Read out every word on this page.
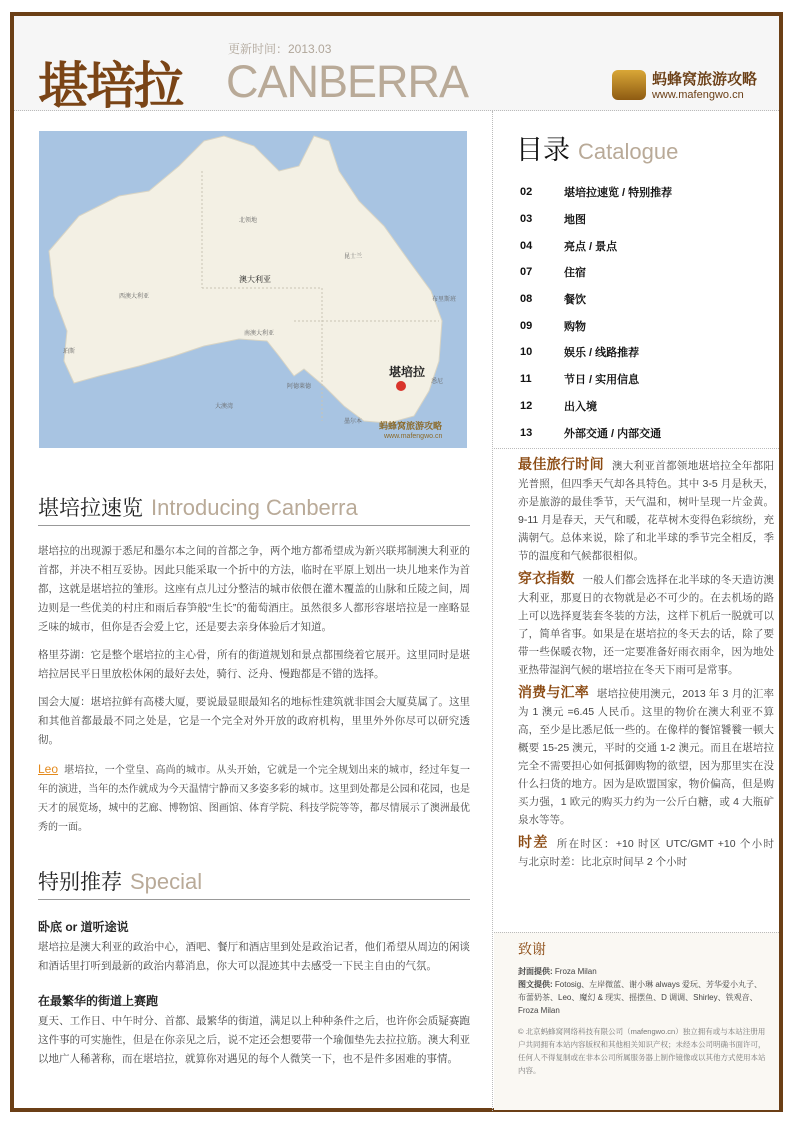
堪培拉
更新时间：2013.03
CANBERRA	蚂蜂窝旅游攻略
www.mafengwo.cn
澳大利亚
堪培拉
西澳大利亚
南澳大利亚
北领地
昆士兰
珀斯
阿德莱德
布里斯班
悉尼
墨尔本
大澳湾
蚂蜂窝旅游攻略
www.mafengwo.cn
堪培拉速览 Introducing Canberra

堪培拉的出现源于悉尼和墨尔本之间的首都之争，两个地方都希望成为新兴联邦制澳大利亚的首都，并决不相互妥协。因此只能采取一个折中的方法，临时在平原上划出一块儿地来作为首都，这就是堪培拉的雏形。这座有点儿过分整洁的城市依偎在灌木覆盖的山脉和丘陵之间，周边则是一些优美的村庄和雨后春笋般“生长”的葡萄酒庄。虽然很多人都形容堪培拉是一座略显乏味的城市，但你是否会爱上它，还是要去亲身体验后才知道。

格里芬湖：它是整个堪培拉的主心骨，所有的街道规划和景点都围绕着它展开。这里同时是堪培拉居民平日里放松休闲的最好去处，骑行、泛舟、慢跑都是不错的选择。

国会大厦：堪培拉鲜有高楼大厦，要说最显眼最知名的地标性建筑就非国会大厦莫属了。这里和其他首都最最不同之处是，它是一个完全对外开放的政府机构，里里外外你尽可以研究透彻。

Leo 堪培拉，一个堂皇、高尚的城市。从头开始，它就是一个完全规划出来的城市，经过年复一年的演进，当年的杰作就成为今天温情宁静而又多姿多彩的城市。这里到处都是公园和花园，也是天才的展览场，城中的艺廊、博物馆、图画馆、体育学院、科技学院等等，都尽情展示了澳洲最优秀的一面。

特别推荐 Special
卧底 or 道听途说

堪培拉是澳大利亚的政治中心，酒吧、餐厅和酒店里到处是政治记者，他们希望从周边的闲谈和酒话里打听到最新的政治内幕消息，你大可以混迹其中去感受一下民主自由的气氛。

在最繁华的街道上赛跑

夏天、工作日、中午时分、首都、最繁华的街道，满足以上种种条件之后，也许你会质疑赛跑这件事的可实施性，但是在你亲见之后，说不定还会想要带一个瑜伽垫先去拉拉筋。澳大利亚以地广人稀著称，而在堪培拉，就算你对遇见的每个人微笑一下，也不是件多困难的事情。

目录 Catalogue
02	堪培拉速览 / 特别推荐
03	地图
04	亮点 / 景点
07	住宿
08	餐饮
09	购物
10	娱乐 / 线路推荐
11	节日 / 实用信息
12	出入境
13	外部交通 / 内部交通

最佳旅行时间 澳大利亚首都领地堪培拉全年都阳光普照，但四季天气却各具特色。其中 3-5 月是秋天，亦是旅游的最佳季节，天气温和，树叶呈现一片金黄。9-11 月是春天，天气和暖，花草树木变得色彩缤纷，充满朝气。总体来说，除了和北半球的季节完全相反，季节的温度和气候都很相似。

穿衣指数 一般人们都会选择在北半球的冬天造访澳大利亚，那夏日的衣物就是必不可少的。在去机场的路上可以选择夏装套冬装的方法，这样下机后一脱就可以了，简单省事。如果是在堪培拉的冬天去的话，除了要带一些保暖衣物，还一定要准备好雨衣雨伞，因为地处亚热带湿润气候的堪培拉在冬天下雨可是常事。

消费与汇率 堪培拉使用澳元，2013 年 3 月的汇率为 1 澳元 =6.45 人民币。这里的物价在澳大利亚不算高，至少是比悉尼低一些的。在像样的餐馆饕餮一顿大概要 15-25 澳元，平时的交通 1-2 澳元。而且在堪培拉完全不需要担心如何抵御购物的欲望，因为那里实在没什么扫货的地方。因为是欧盟国家，物价偏高，但是购买力强，1 欧元的购买力约为一公斤白糖，或 4 大瓶矿泉水等等。

时差 所在时区：+10 时区 UTC/GMT +10 个小时　与北京时差：比北京时间早 2 个小时

致谢
封面提供: Froza Milan
图文提供: Fotosig、左岸微蓝、谢小琳 always 爱玩、芳华爱小丸子、布蕾奶茶、Leo、魔幻 & 现实、摇摆鱼、D 调调、Shirley、铁观音、Froza Milan
© 北京蚂蜂窝网络科技有限公司（mafengwo.cn）独立拥有或与本站注册用户共同拥有本站内容版权和其他相关知识产权；未经本公司明确书面许可，任何人不得复制或在非本公司所属服务器上制作镜像或以其他方式使用本站内容。
